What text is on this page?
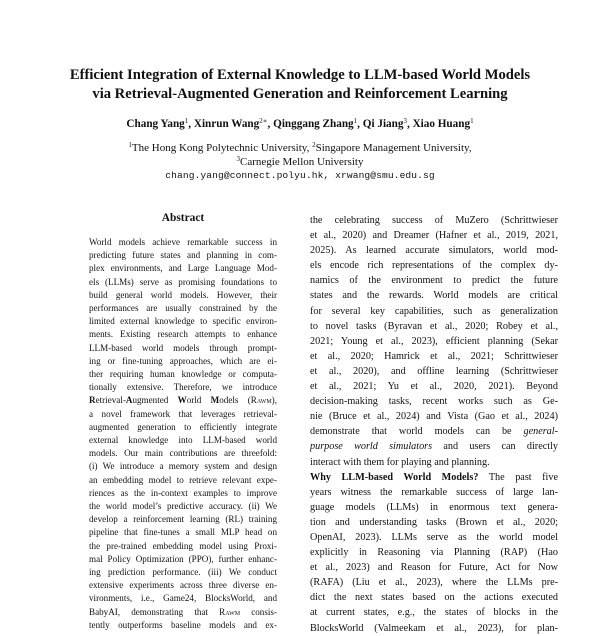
Efficient Integration of External Knowledge to LLM-based World Models
via Retrieval-Augmented Generation and Reinforcement Learning
Chang Yang$^1$, Xinrun Wang$^{2∗}$, Qinggang Zhang$^1$, Qi Jiang$^3$, Xiao Huang$^1$
$^1$The Hong Kong Polytechnic University, $^2$Singapore Management University,
$^3$Carnegie Mellon University
chang.yang@connect.polyu.hk, xrwang@smu.edu.sg
Abstract
World models achieve remarkable success in
predicting future states and planning in com-
plex environments, and Large Language Mod-
els (LLMs) serve as promising foundations to
build general world models. However, their
performances are usually constrained by the
limited external knowledge to specific environ-
ments. Existing research attempts to enhance
LLM-based world models through prompt-
ing or fine-tuning approaches, which are ei-
ther requiring human knowledge or computa-
tionally extensive. Therefore, we introduce
Retrieval-Augmented World Models (Rawm),
a novel framework that leverages retrieval-
augmented generation to efficiently integrate
external knowledge into LLM-based world
models. Our main contributions are threefold:
(i) We introduce a memory system and design
an embedding model to retrieve relevant expe-
riences as the in-context examples to improve
the world model’s predictive accuracy. (ii) We
develop a reinforcement learning (RL) training
pipeline that fine-tunes a small MLP head on
the pre-trained embedding model using Proxi-
mal Policy Optimization (PPO), further enhanc-
ing prediction performance. (iii) We conduct
extensive experiments across three diverse en-
vironments, i.e., Game24, BlocksWorld, and
BabyAI, demonstrating that Rawm consis-
tently outperforms baseline models and ex-
the celebrating success of MuZero (Schrittwieser
et al., 2020) and Dreamer (Hafner et al., 2019, 2021,
2025). As learned accurate simulators, world mod-
els encode rich representations of the complex dy-
namics of the environment to predict the future
states and the rewards. World models are critical
for several key capabilities, such as generalization
to novel tasks (Byravan et al., 2020; Robey et al.,
2021; Young et al., 2023), efficient planning (Sekar
et al., 2020; Hamrick et al., 2021; Schrittwieser
et al., 2020), and offline learning (Schrittwieser
et al., 2021; Yu et al., 2020, 2021). Beyond
decision-making tasks, recent works such as Ge-
nie (Bruce et al., 2024) and Vista (Gao et al., 2024)
demonstrate that world models can be general-
purpose world simulators and users can directly
interact with them for playing and planning.
Why LLM-based World Models? The past five
years witness the remarkable success of large lan-
guage models (LLMs) in enormous text genera-
tion and understanding tasks (Brown et al., 2020;
OpenAI, 2023). LLMs serve as the world model
explicitly in Reasoning via Planning (RAP) (Hao
et al., 2023) and Reason for Future, Act for Now
(RAFA) (Liu et al., 2023), where the LLMs pre-
dict the next states based on the actions executed
at current states, e.g., the states of blocks in the
BlocksWorld (Valmeekam et al., 2023), for plan-
